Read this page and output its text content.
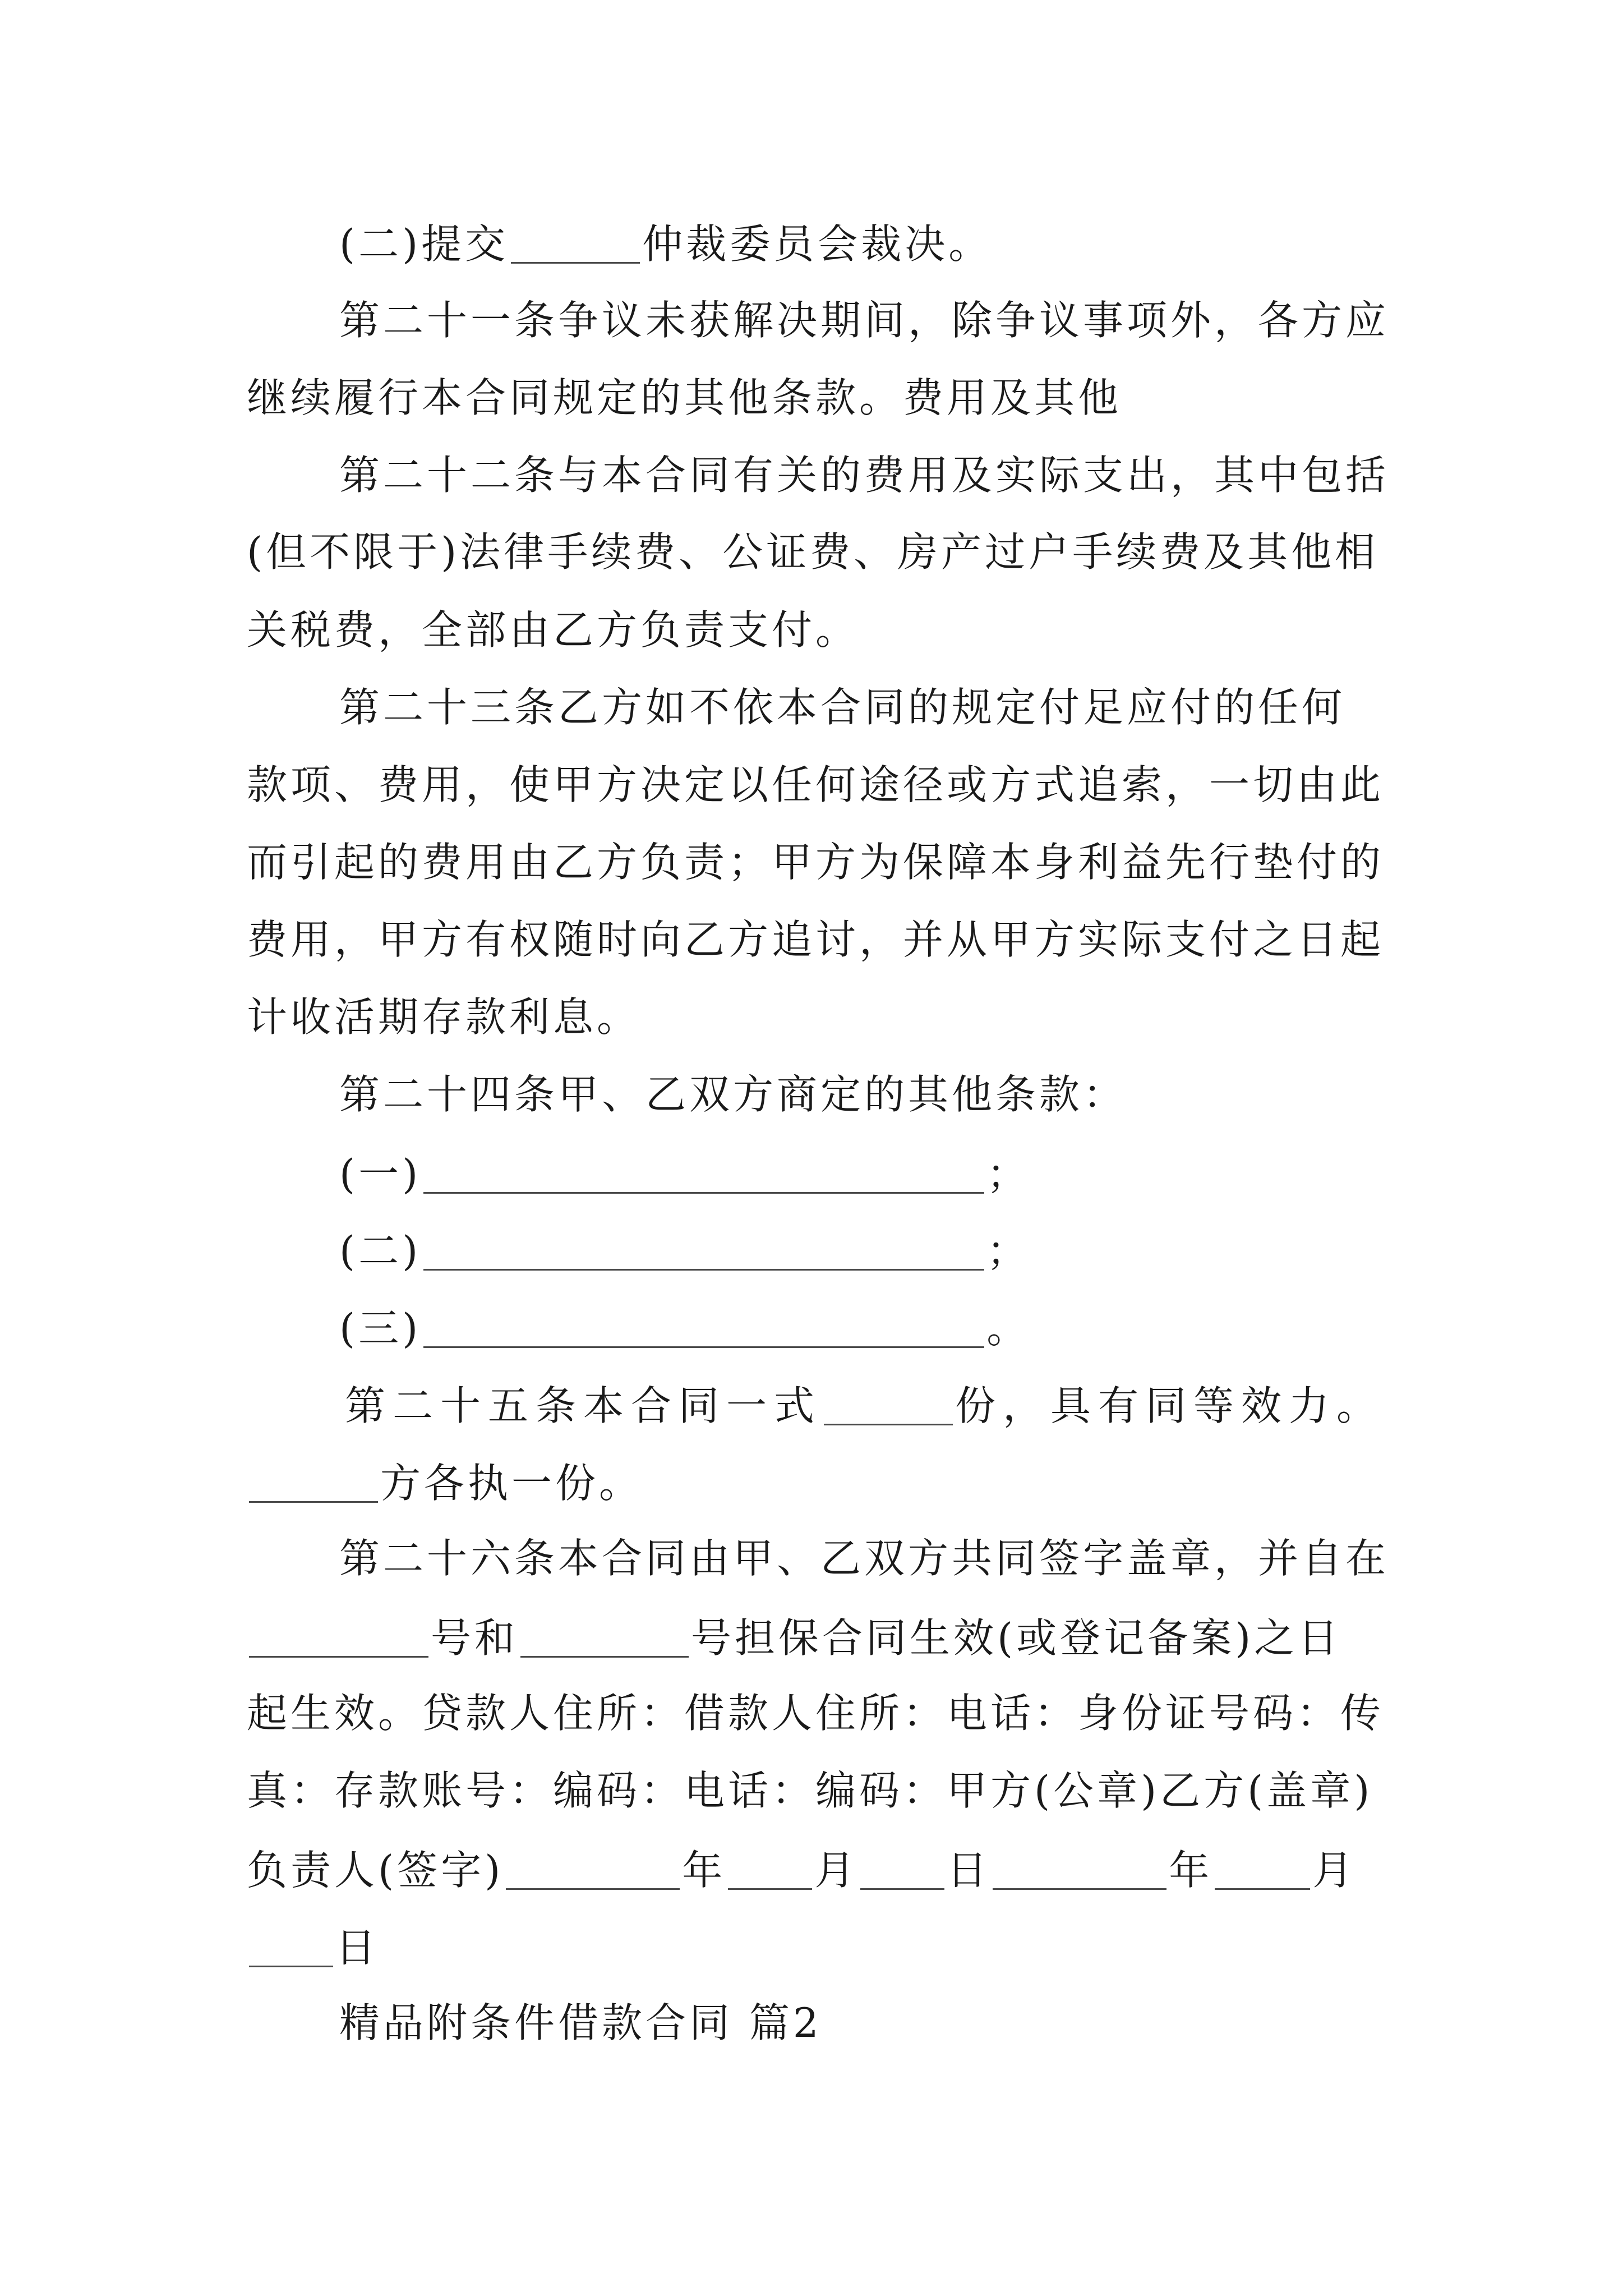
(二)提交	仲裁委员会裁决。

第二十一条争议未获解决期间，除争议事项外，各方应

继续履行本合同规定的其他条款。费用及其他

第二十二条与本合同有关的费用及实际支出，其中包括

(但不限于)法律手续费、公证费、房产过户手续费及其他相

关税费，全部由乙方负责支付。

第二十三条乙方如不依本合同的规定付足应付的任何

款项、费用，使甲方决定以任何途径或方式追索，一切由此

而引起的费用由乙方负责；甲方为保障本身利益先行垫付的

费用，甲方有权随时向乙方追讨，并从甲方实际支付之日起

计收活期存款利息。

第二十四条甲、乙双方商定的其他条款：

(一)	；

(二)	；

(三)	。

第二十五条本合同一式	份，具有同等效力。

方各执一份。

第二十六条本合同由甲、乙双方共同签字盖章，并自在

号和	号担保合同生效(或登记备案)之日

起生效。贷款人住所：借款人住所：电话：身份证号码：传

真：存款账号：编码：电话：编码：甲方(公章)乙方(盖章)

负责人(签字)	年 月 日	年 月

日

精品附条件借款合同 篇2
